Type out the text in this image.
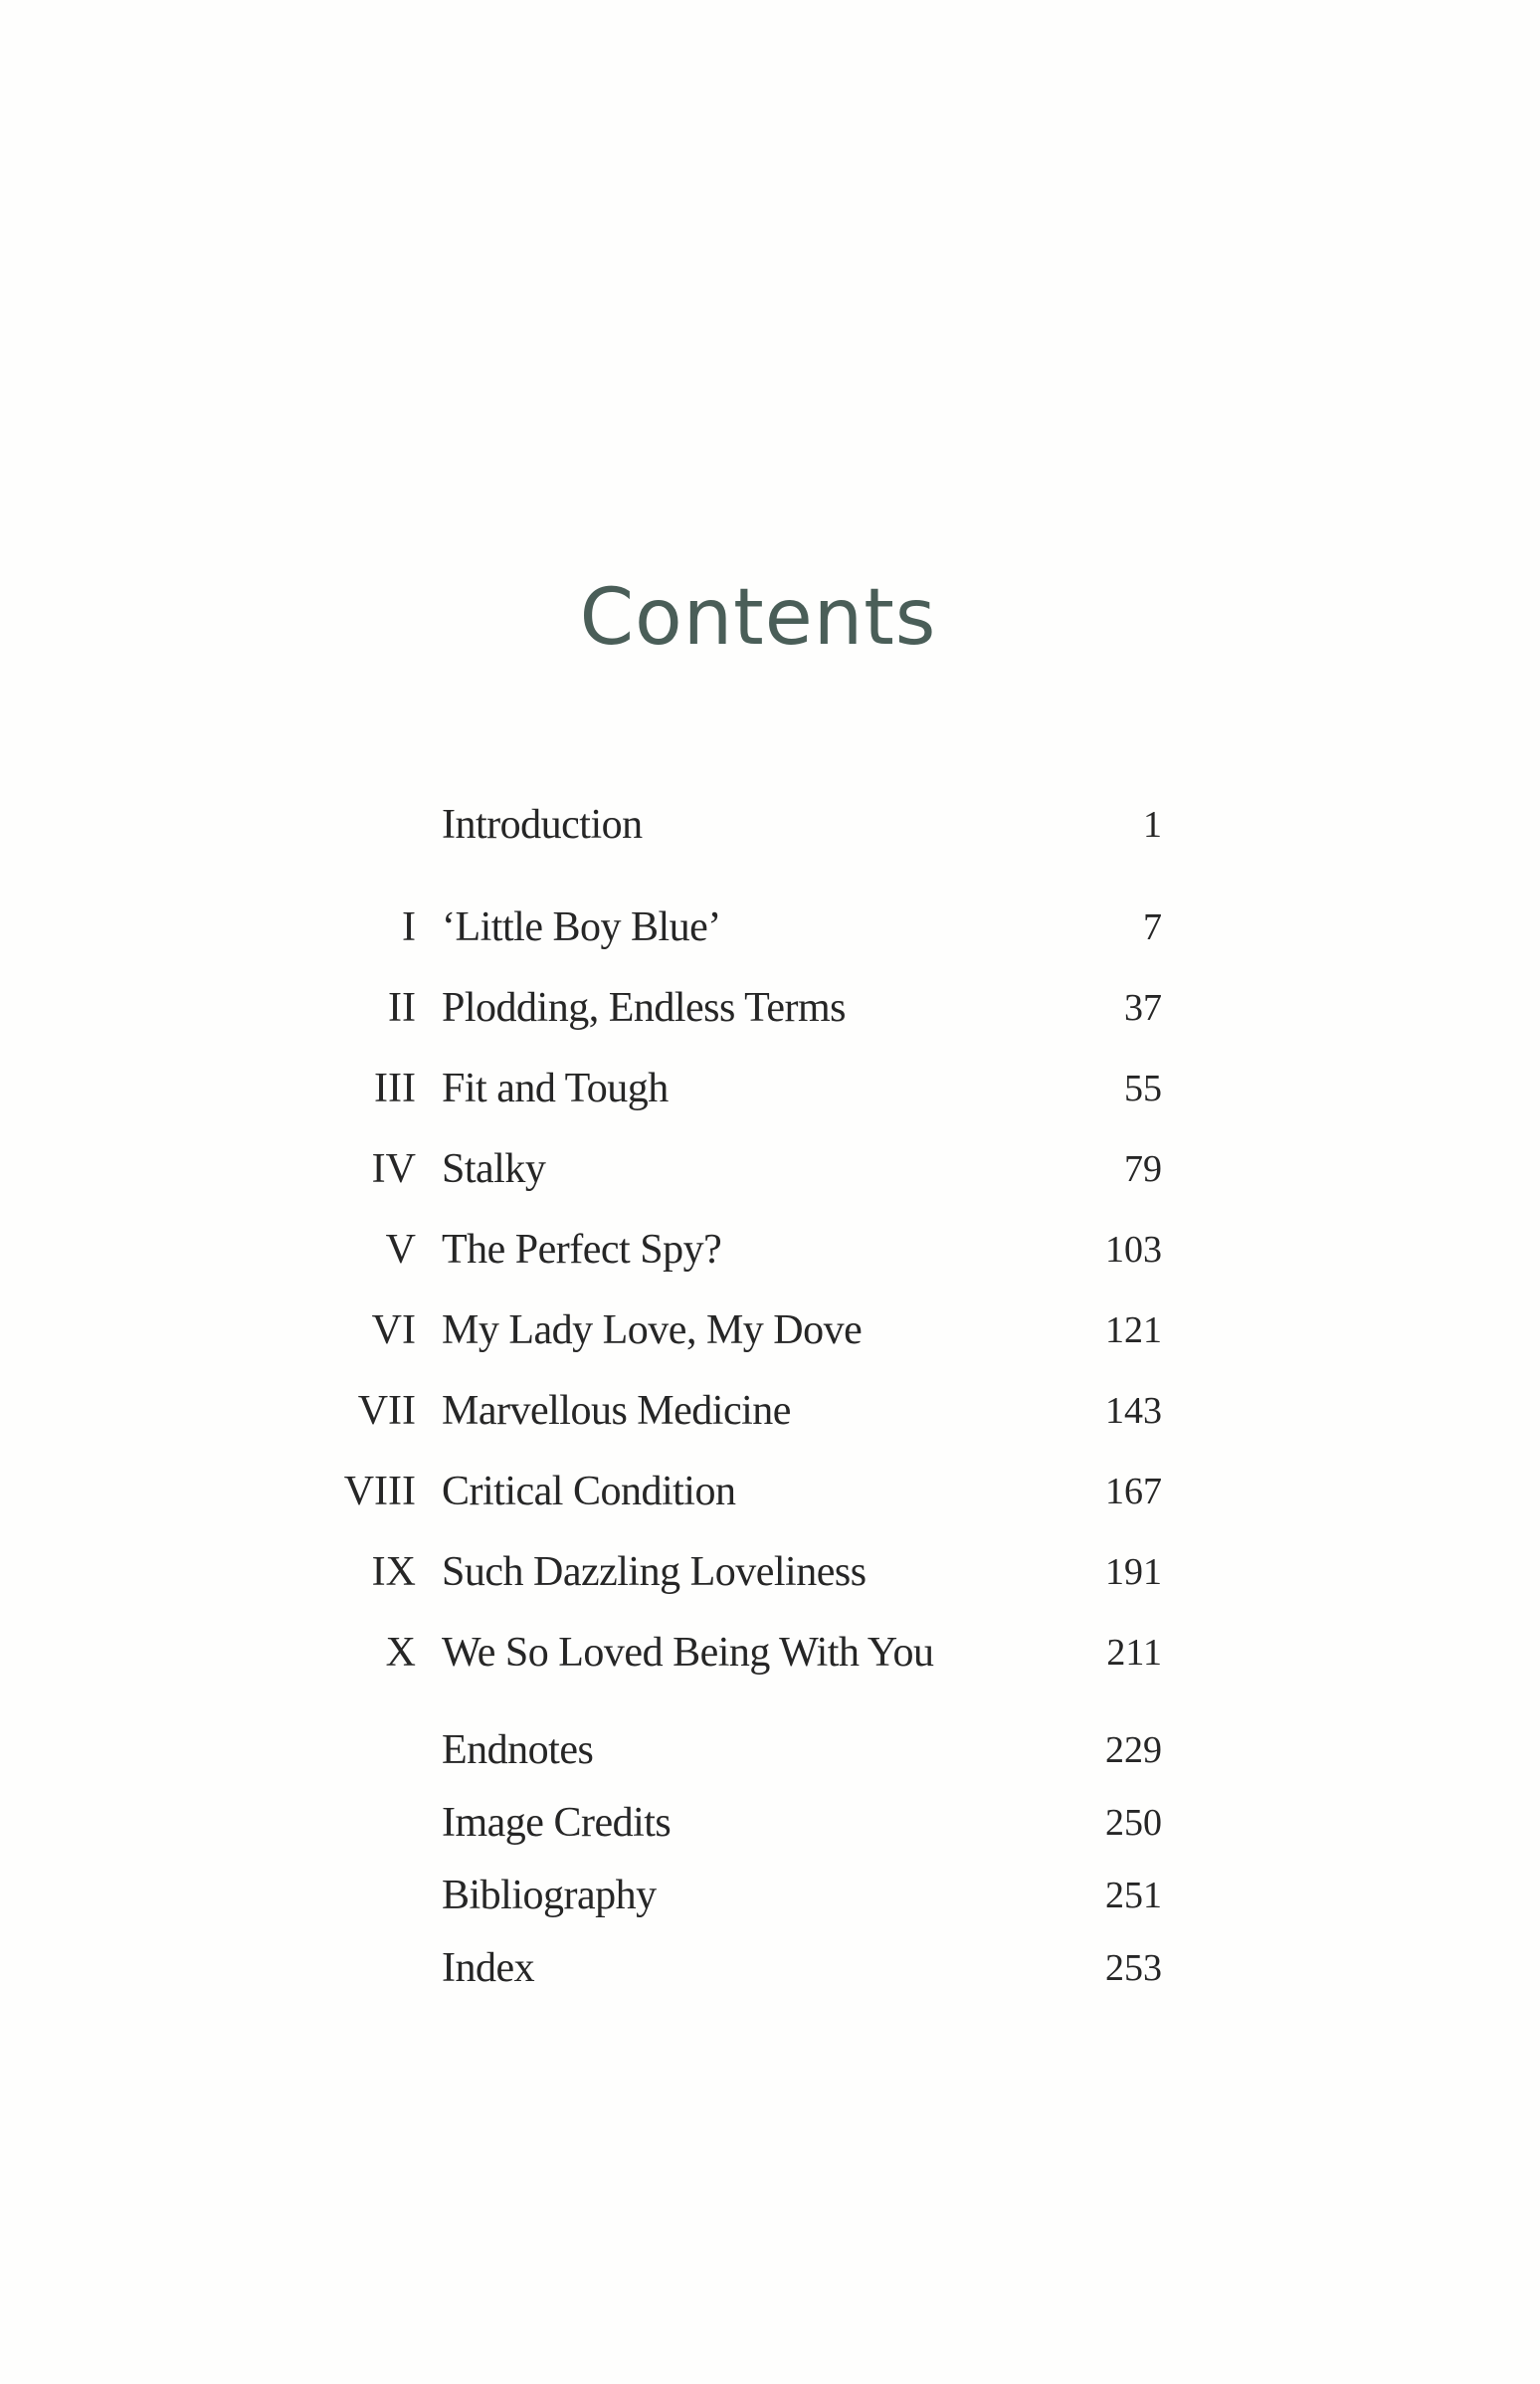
Contents
Introduction	1
I ‘Little Boy Blue’	7
II Plodding, Endless Terms	37
III Fit and Tough	55
IV Stalky	79
V The Perfect Spy?	103
VI My Lady Love, My Dove	121
VII Marvellous Medicine	143
VIII Critical Condition	167
IX Such Dazzling Loveliness	191
X We So Loved Being With You	211
Endnotes	229
Image Credits	250
Bibliography	251
Index	253
